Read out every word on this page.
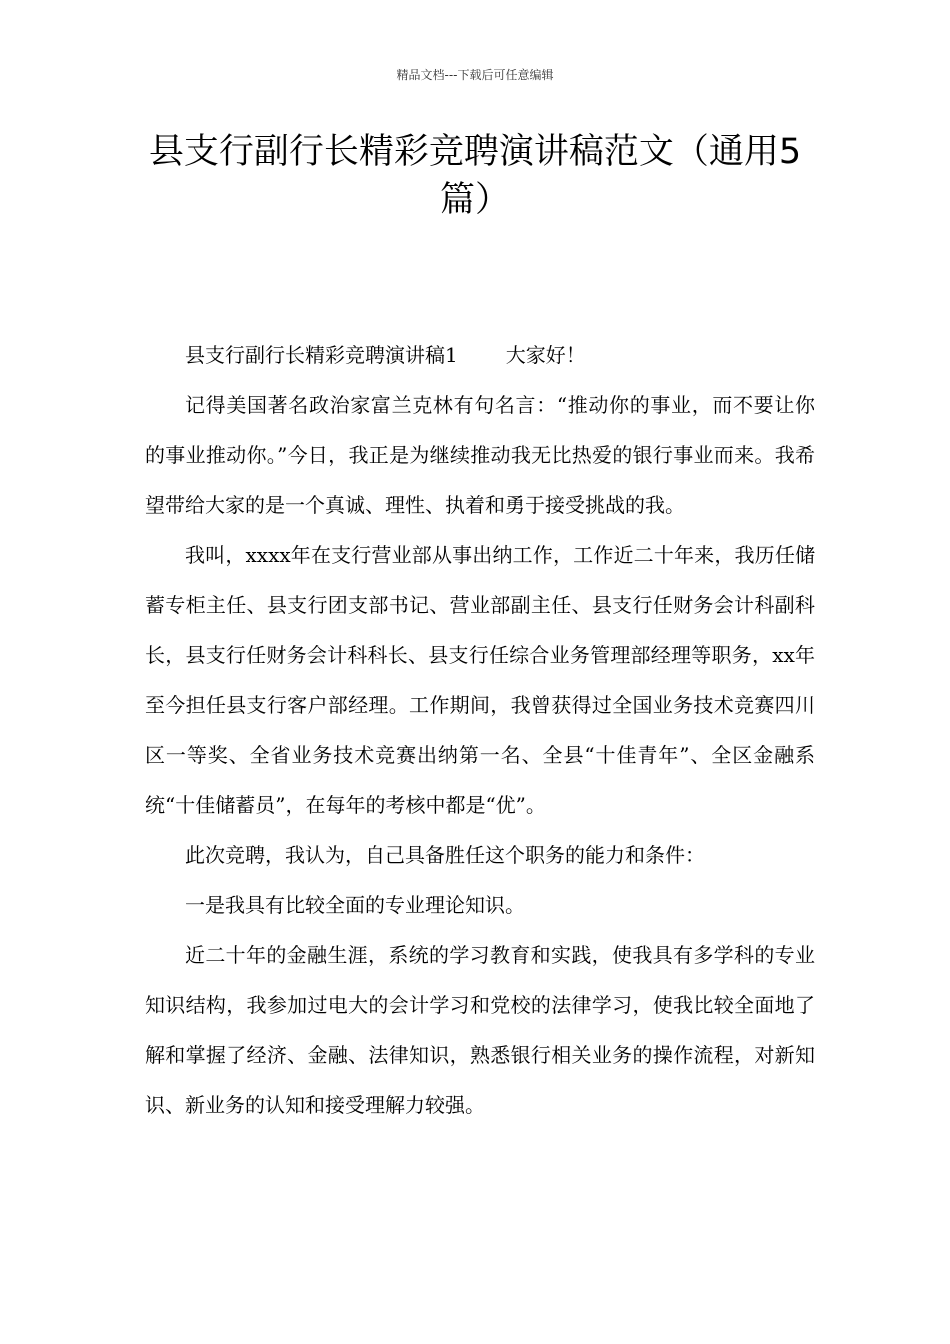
精品文档---下载后可任意编辑
县支行副行长精彩竞聘演讲稿范文（通用5篇）

县支行副行长精彩竞聘演讲稿1 大家好！

记得美国著名政治家富兰克林有句名言：“推动你的事业，而不要让你的事业推动你。”今日，我正是为继续推动我无比热爱的银行事业而来。我希望带给大家的是一个真诚、理性、执着和勇于接受挑战的我。

我叫，xxxx年在支行营业部从事出纳工作，工作近二十年来，我历任储蓄专柜主任、县支行团支部书记、营业部副主任、县支行任财务会计科副科长，县支行任财务会计科科长、县支行任综合业务管理部经理等职务，xx年至今担任县支行客户部经理。工作期间，我曾获得过全国业务技术竞赛四川区一等奖、全省业务技术竞赛出纳第一名、全县“十佳青年”、全区金融系统“十佳储蓄员”，在每年的考核中都是“优”。

此次竞聘，我认为，自己具备胜任这个职务的能力和条件：

一是我具有比较全面的专业理论知识。

近二十年的金融生涯，系统的学习教育和实践，使我具有多学科的专业知识结构，我参加过电大的会计学习和党校的法律学习，使我比较全面地了解和掌握了经济、金融、法律知识，熟悉银行相关业务的操作流程，对新知识、新业务的认知和接受理解力较强。
